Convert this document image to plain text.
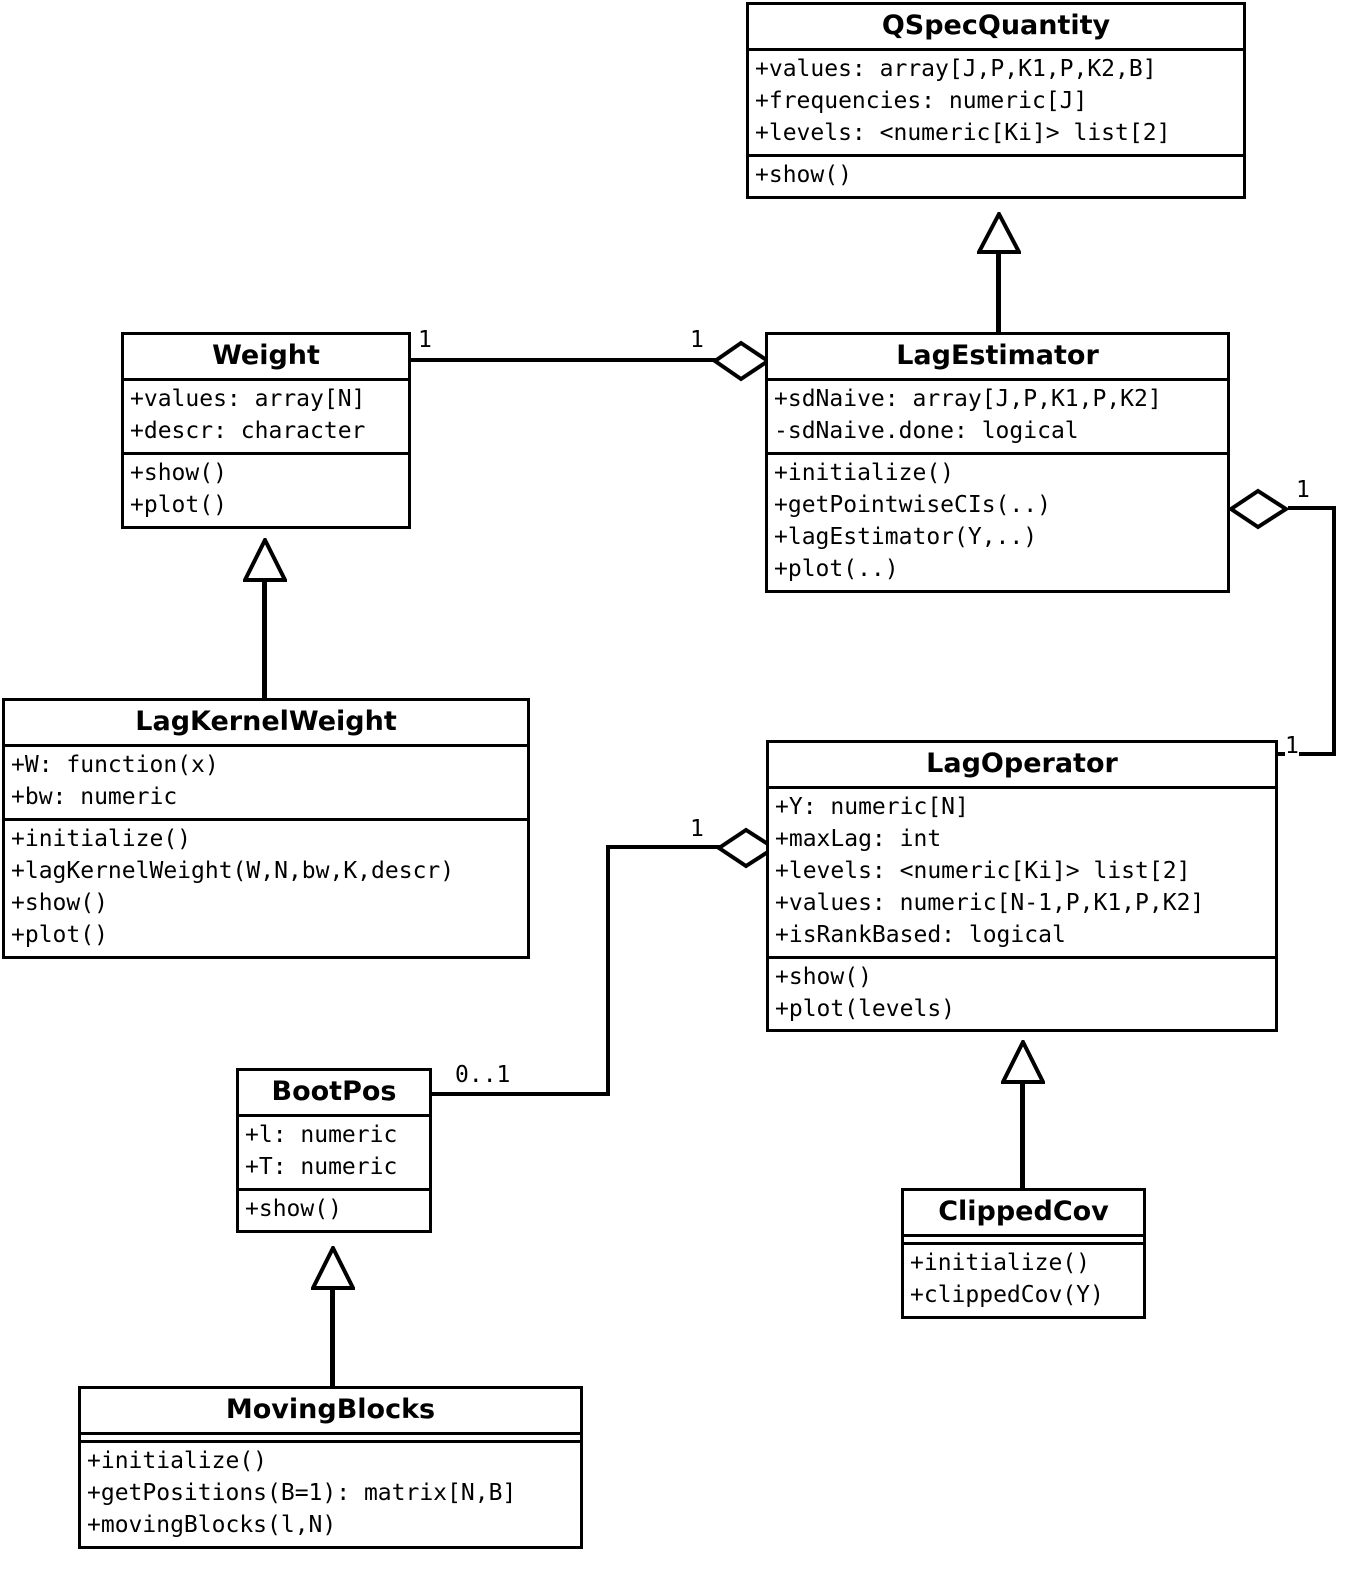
1	1
1
1
1
0..1
QSpecQuantity
+values: array[J,P,K1,P,K2,B]
+frequencies: numeric[J]
+levels: <numeric[Ki]> list[2]
+show()
Weight
+values: array[N]
+descr: character
+show()
+plot()
LagEstimator
+sdNaive: array[J,P,K1,P,K2]
-sdNaive.done: logical
+initialize()
+getPointwiseCIs(..)
+lagEstimator(Y,..)
+plot(..)
LagKernelWeight
+W: function(x)
+bw: numeric
+initialize()
+lagKernelWeight(W,N,bw,K,descr)
+show()
+plot()
LagOperator
+Y: numeric[N]
+maxLag: int
+levels: <numeric[Ki]> list[2]
+values: numeric[N-1,P,K1,P,K2]
+isRankBased: logical
+show()
+plot(levels)
BootPos
+l: numeric
+T: numeric
+show()	ClippedCov
+initialize()
+clippedCov(Y)
MovingBlocks
+initialize()
+getPositions(B=1): matrix[N,B]
+movingBlocks(l,N)
